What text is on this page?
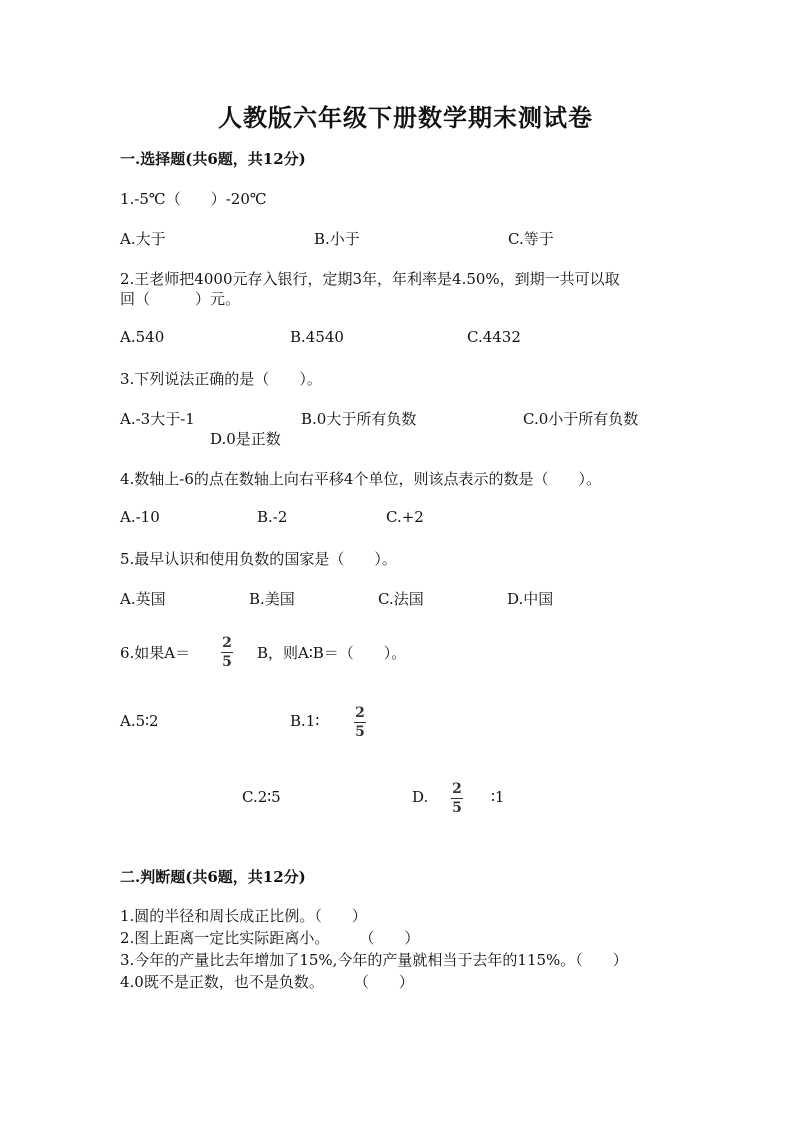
人教版六年级下册数学期末测试卷
一.选择题(共6题，共12分)
1.-5℃（　　）-20℃
A.大于	B.小于	C.等于
2.王老师把4000元存入银行，定期3年，年利率是4.50%，到期一共可以取
回（　　　）元。
A.540	B.4540	C.4432
3.下列说法正确的是（　　）。
A.-3大于-1	B.0大于所有负数	C.0小于所有负数
D.0是正数
4.数轴上-6的点在数轴上向右平移4个单位，则该点表示的数是（　　）。
A.-10	B.-2	C.+2
5.最早认识和使用负数的国家是（　　）。
A.英国	B.美国	C.法国	D.中国
6.如果A＝
2
5 B，则A∶B＝（　　）。
A.5∶2	B.1∶	2
5
C.2∶5	D. 2
5
∶1
二.判断题(共6题，共12分)
1.圆的半径和周长成正比例。（　　）
2.图上距离一定比实际距离小。　　　（　　）
3.今年的产量比去年增加了15%,今年的产量就相当于去年的115%。（　　）
4.0既不是正数，也不是负数。　　　（　　）
